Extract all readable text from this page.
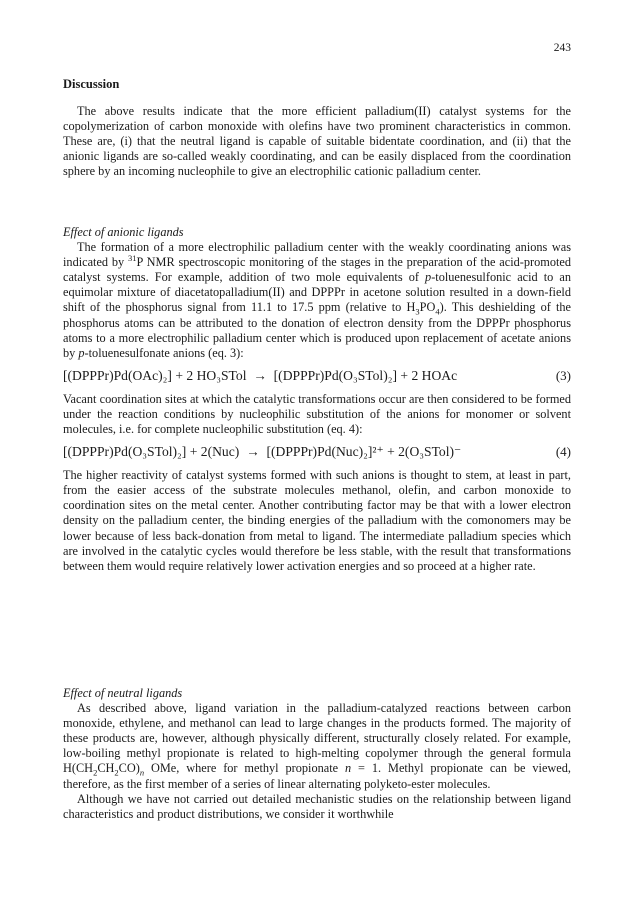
243
Discussion

The above results indicate that the more efficient palladium(II) catalyst systems for the copolymerization of carbon monoxide with olefins have two prominent characteristics in common. These are, (i) that the neutral ligand is capable of suitable bidentate coordination, and (ii) that the anionic ligands are so-called weakly coordinating, and can be easily displaced from the coordination sphere by an incoming nucleophile to give an electrophilic cationic palladium center.

Effect of anionic ligands

The formation of a more electrophilic palladium center with the weakly coordinating anions was indicated by $^{31}$P NMR spectroscopic monitoring of the stages in the preparation of the acid-promoted catalyst systems. For example, addition of two mole equivalents of p-toluenesulfonic acid to an equimolar mixture of diacetatopalladium(II) and DPPPr in acetone solution resulted in a down-field shift of the phosphorus signal from 11.1 to 17.5 ppm (relative to $H_3PO_4$). This deshielding of the phosphorus atoms can be attributed to the donation of electron density from the DPPPr phosphorus atoms to a more electrophilic palladium center which is produced upon replacement of acetate anions by p-toluenesulfonate anions (eq. 3):

[(DPPPr)Pd(OAc)₂] + 2 HO₃STol → [(DPPPr)Pd(O₃STol)₂] + 2 HOAc	(3)

Vacant coordination sites at which the catalytic transformations occur are then considered to be formed under the reaction conditions by nucleophilic substitution of the anions for monomer or solvent molecules, i.e. for complete nucleophilic substitution (eq. 4):

[(DPPPr)Pd(O₃STol)₂] + 2(Nuc) → [(DPPPr)Pd(Nuc)₂]²⁺ + 2(O₃STol)⁻	(4)

The higher reactivity of catalyst systems formed with such anions is thought to stem, at least in part, from the easier access of the substrate molecules methanol, olefin, and carbon monoxide to coordination sites on the metal center. Another contributing factor may be that with a lower electron density on the palladium center, the binding energies of the palladium with the comonomers may be lower because of less back-donation from metal to ligand. The intermediate palladium species which are involved in the catalytic cycles would therefore be less stable, with the result that transformations between them would require relatively lower activation energies and so proceed at a higher rate.

Effect of neutral ligands

As described above, ligand variation in the palladium-catalyzed reactions between carbon monoxide, ethylene, and methanol can lead to large changes in the products formed. The majority of these products are, however, although physically different, structurally closely related. For example, low-boiling methyl propionate is related to high-melting copolymer through the general formula $H(CH_2CH_2CO)_n$ OMe, where for methyl propionate n = 1. Methyl propionate can be viewed, therefore, as the first member of a series of linear alternating polyketo-ester molecules.

Although we have not carried out detailed mechanistic studies on the relationship between ligand characteristics and product distributions, we consider it worthwhile
